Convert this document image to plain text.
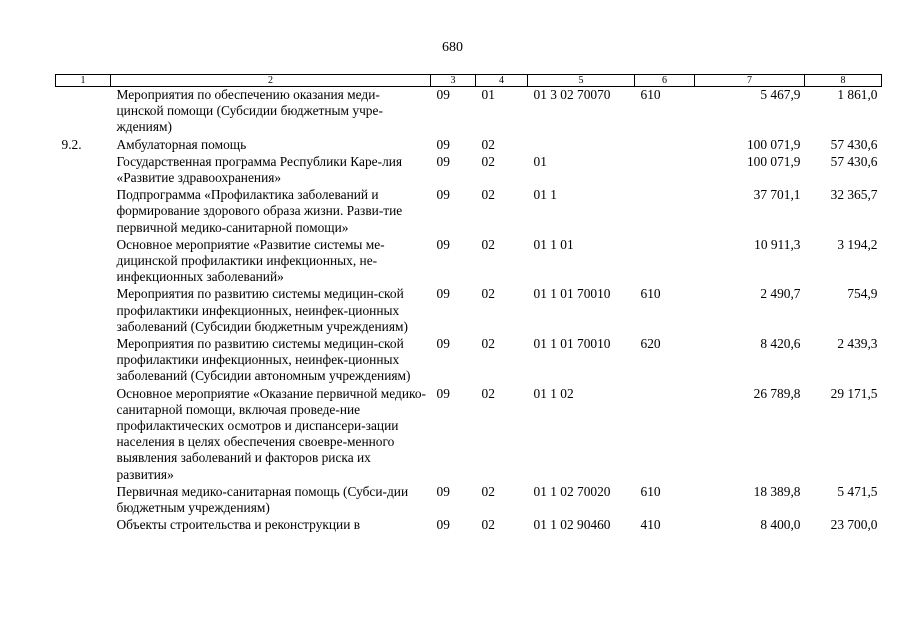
680
1	2	3	4	5	6	7	8
	Мероприятия по обеспечению оказания меди-цинской помощи (Субсидии бюджетным учре-ждениям)	09	01	01 3 02 70070	610	5 467,9	1 861,0
9.2.	Амбулаторная помощь	09	02			100 071,9	57 430,6
	Государственная программа Республики Каре-лия «Развитие здравоохранения»	09	02	01		100 071,9	57 430,6
	Подпрограмма «Профилактика заболеваний и формирование здорового образа жизни. Разви-тие первичной медико-санитарной помощи»	09	02	01 1		37 701,1	32 365,7
	Основное мероприятие «Развитие системы ме-дицинской профилактики инфекционных, не-инфекционных заболеваний»	09	02	01 1 01		10 911,3	3 194,2
	Мероприятия по развитию системы медицин-ской профилактики инфекционных, неинфек-ционных заболеваний (Субсидии бюджетным учреждениям)	09	02	01 1 01 70010	610	2 490,7	754,9
	Мероприятия по развитию системы медицин-ской профилактики инфекционных, неинфек-ционных заболеваний (Субсидии автономным учреждениям)	09	02	01 1 01 70010	620	8 420,6	2 439,3
	Основное мероприятие «Оказание первичной медико-санитарной помощи, включая проведе-ние профилактических осмотров и диспансери-зации населения в целях обеспечения своевре-менного выявления заболеваний и факторов риска их развития»	09	02	01 1 02		26 789,8	29 171,5
	Первичная медико-санитарная помощь (Субси-дии бюджетным учреждениям)	09	02	01 1 02 70020	610	18 389,8	5 471,5
	Объекты строительства и реконструкции в	09	02	01 1 02 90460	410	8 400,0	23 700,0
